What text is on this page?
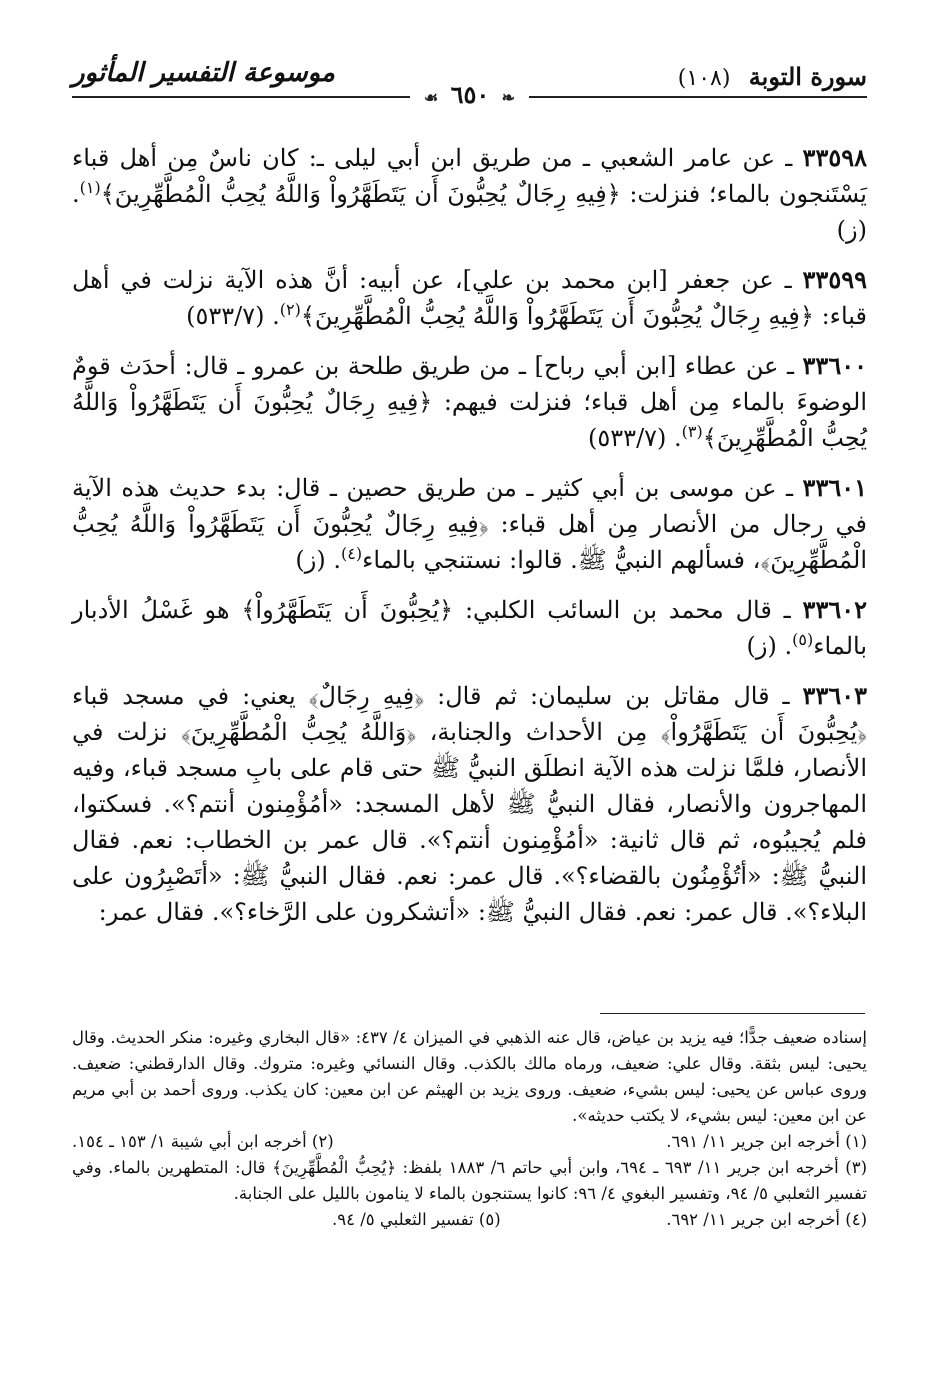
سورة التوبة (١٠٨)
موسوعة التفسير المأثور
❧ ٦٥٠ ☙

٣٣٥٩٨ ـ عن عامر الشعبي ـ من طريق ابن أبي ليلى ـ: كان ناسٌ مِن أهل قباء يَسْتَنجون بالماء؛ فنزلت: ﴿فِيهِ رِجَالٌ يُحِبُّونَ أَن يَتَطَهَّرُواْ وَاللَّهُ يُحِبُّ الْمُطَّهِّرِينَ﴾$^{(١)}$. (ز)

٣٣٥٩٩ ـ عن جعفر [ابن محمد بن علي]، عن أبيه: أنَّ هذه الآية نزلت في أهل قباء: ﴿فِيهِ رِجَالٌ يُحِبُّونَ أَن يَتَطَهَّرُواْ وَاللَّهُ يُحِبُّ الْمُطَّهِّرِينَ﴾$^{(٢)}$. (٥٣٣/٧)

٣٣٦٠٠ ـ عن عطاء [ابن أبي رباح] ـ من طريق طلحة بن عمرو ـ قال: أحدَث قومٌ الوضوءَ بالماء مِن أهل قباء؛ فنزلت فيهم: ﴿فِيهِ رِجَالٌ يُحِبُّونَ أَن يَتَطَهَّرُواْ وَاللَّهُ يُحِبُّ الْمُطَّهِّرِينَ﴾$^{(٣)}$. (٥٣٣/٧)

٣٣٦٠١ ـ عن موسى بن أبي كثير ـ من طريق حصين ـ قال: بدء حديث هذه الآية في رجال من الأنصار مِن أهل قباء: ﴿فِيهِ رِجَالٌ يُحِبُّونَ أَن يَتَطَهَّرُواْ وَاللَّهُ يُحِبُّ الْمُطَّهِّرِينَ﴾، فسألهم النبيُّ ﷺ. قالوا: نستنجي بالماء$^{(٤)}$. (ز)

٣٣٦٠٢ ـ قال محمد بن السائب الكلبي: ﴿يُحِبُّونَ أَن يَتَطَهَّرُواْ﴾ هو غَسْلُ الأدبار بالماء$^{(٥)}$. (ز)

٣٣٦٠٣ ـ قال مقاتل بن سليمان: ثم قال: ﴿فِيهِ رِجَالٌ﴾ يعني: في مسجد قباء ﴿يُحِبُّونَ أَن يَتَطَهَّرُواْ﴾ مِن الأحداث والجنابة، ﴿وَاللَّهُ يُحِبُّ الْمُطَّهِّرِينَ﴾ نزلت في الأنصار، فلمَّا نزلت هذه الآية انطلَق النبيُّ ﷺ حتى قام على بابِ مسجد قباء، وفيه المهاجرون والأنصار، فقال النبيُّ ﷺ لأهل المسجد: «أمُؤْمِنون أنتم؟». فسكتوا، فلم يُجيبُوه، ثم قال ثانية: «أمُؤْمِنون أنتم؟». قال عمر بن الخطاب: نعم. فقال النبيُّ ﷺ: «أتُؤْمِنُون بالقضاء؟». قال عمر: نعم. فقال النبيُّ ﷺ: «أتَصْبِرُون على البلاء؟». قال عمر: نعم. فقال النبيُّ ﷺ: «أتشكرون على الرَّخاء؟». فقال عمر:

إسناده ضعيف جدًّا؛ فيه يزيد بن عياض، قال عنه الذهبي في الميزان ٤/ ٤٣٧: «قال البخاري وغيره: منكر الحديث. وقال يحيى: ليس بثقة. وقال علي: ضعيف، ورماه مالك بالكذب. وقال النسائي وغيره: متروك. وقال الدارقطني: ضعيف. وروى عباس عن يحيى: ليس بشيء، ضعيف. وروى يزيد بن الهيثم عن ابن معين: كان يكذب. وروى أحمد بن أبي مريم عن ابن معين: ليس بشيء، لا يكتب حديثه».

(١) أخرجه ابن جرير ١١/ ٦٩١.
(٢) أخرجه ابن أبي شيبة ١/ ١٥٣ ـ ١٥٤.

(٣) أخرجه ابن جرير ١١/ ٦٩٣ ـ ٦٩٤، وابن أبي حاتم ٦/ ١٨٨٣ بلفظ: ﴿يُحِبُّ الْمُطَّهِّرِينَ﴾ قال: المتطهرين بالماء. وفي تفسير الثعلبي ٥/ ٩٤، وتفسير البغوي ٤/ ٩٦: كانوا يستنجون بالماء لا ينامون بالليل على الجنابة.

(٤) أخرجه ابن جرير ١١/ ٦٩٢.
(٥) تفسير الثعلبي ٥/ ٩٤.
